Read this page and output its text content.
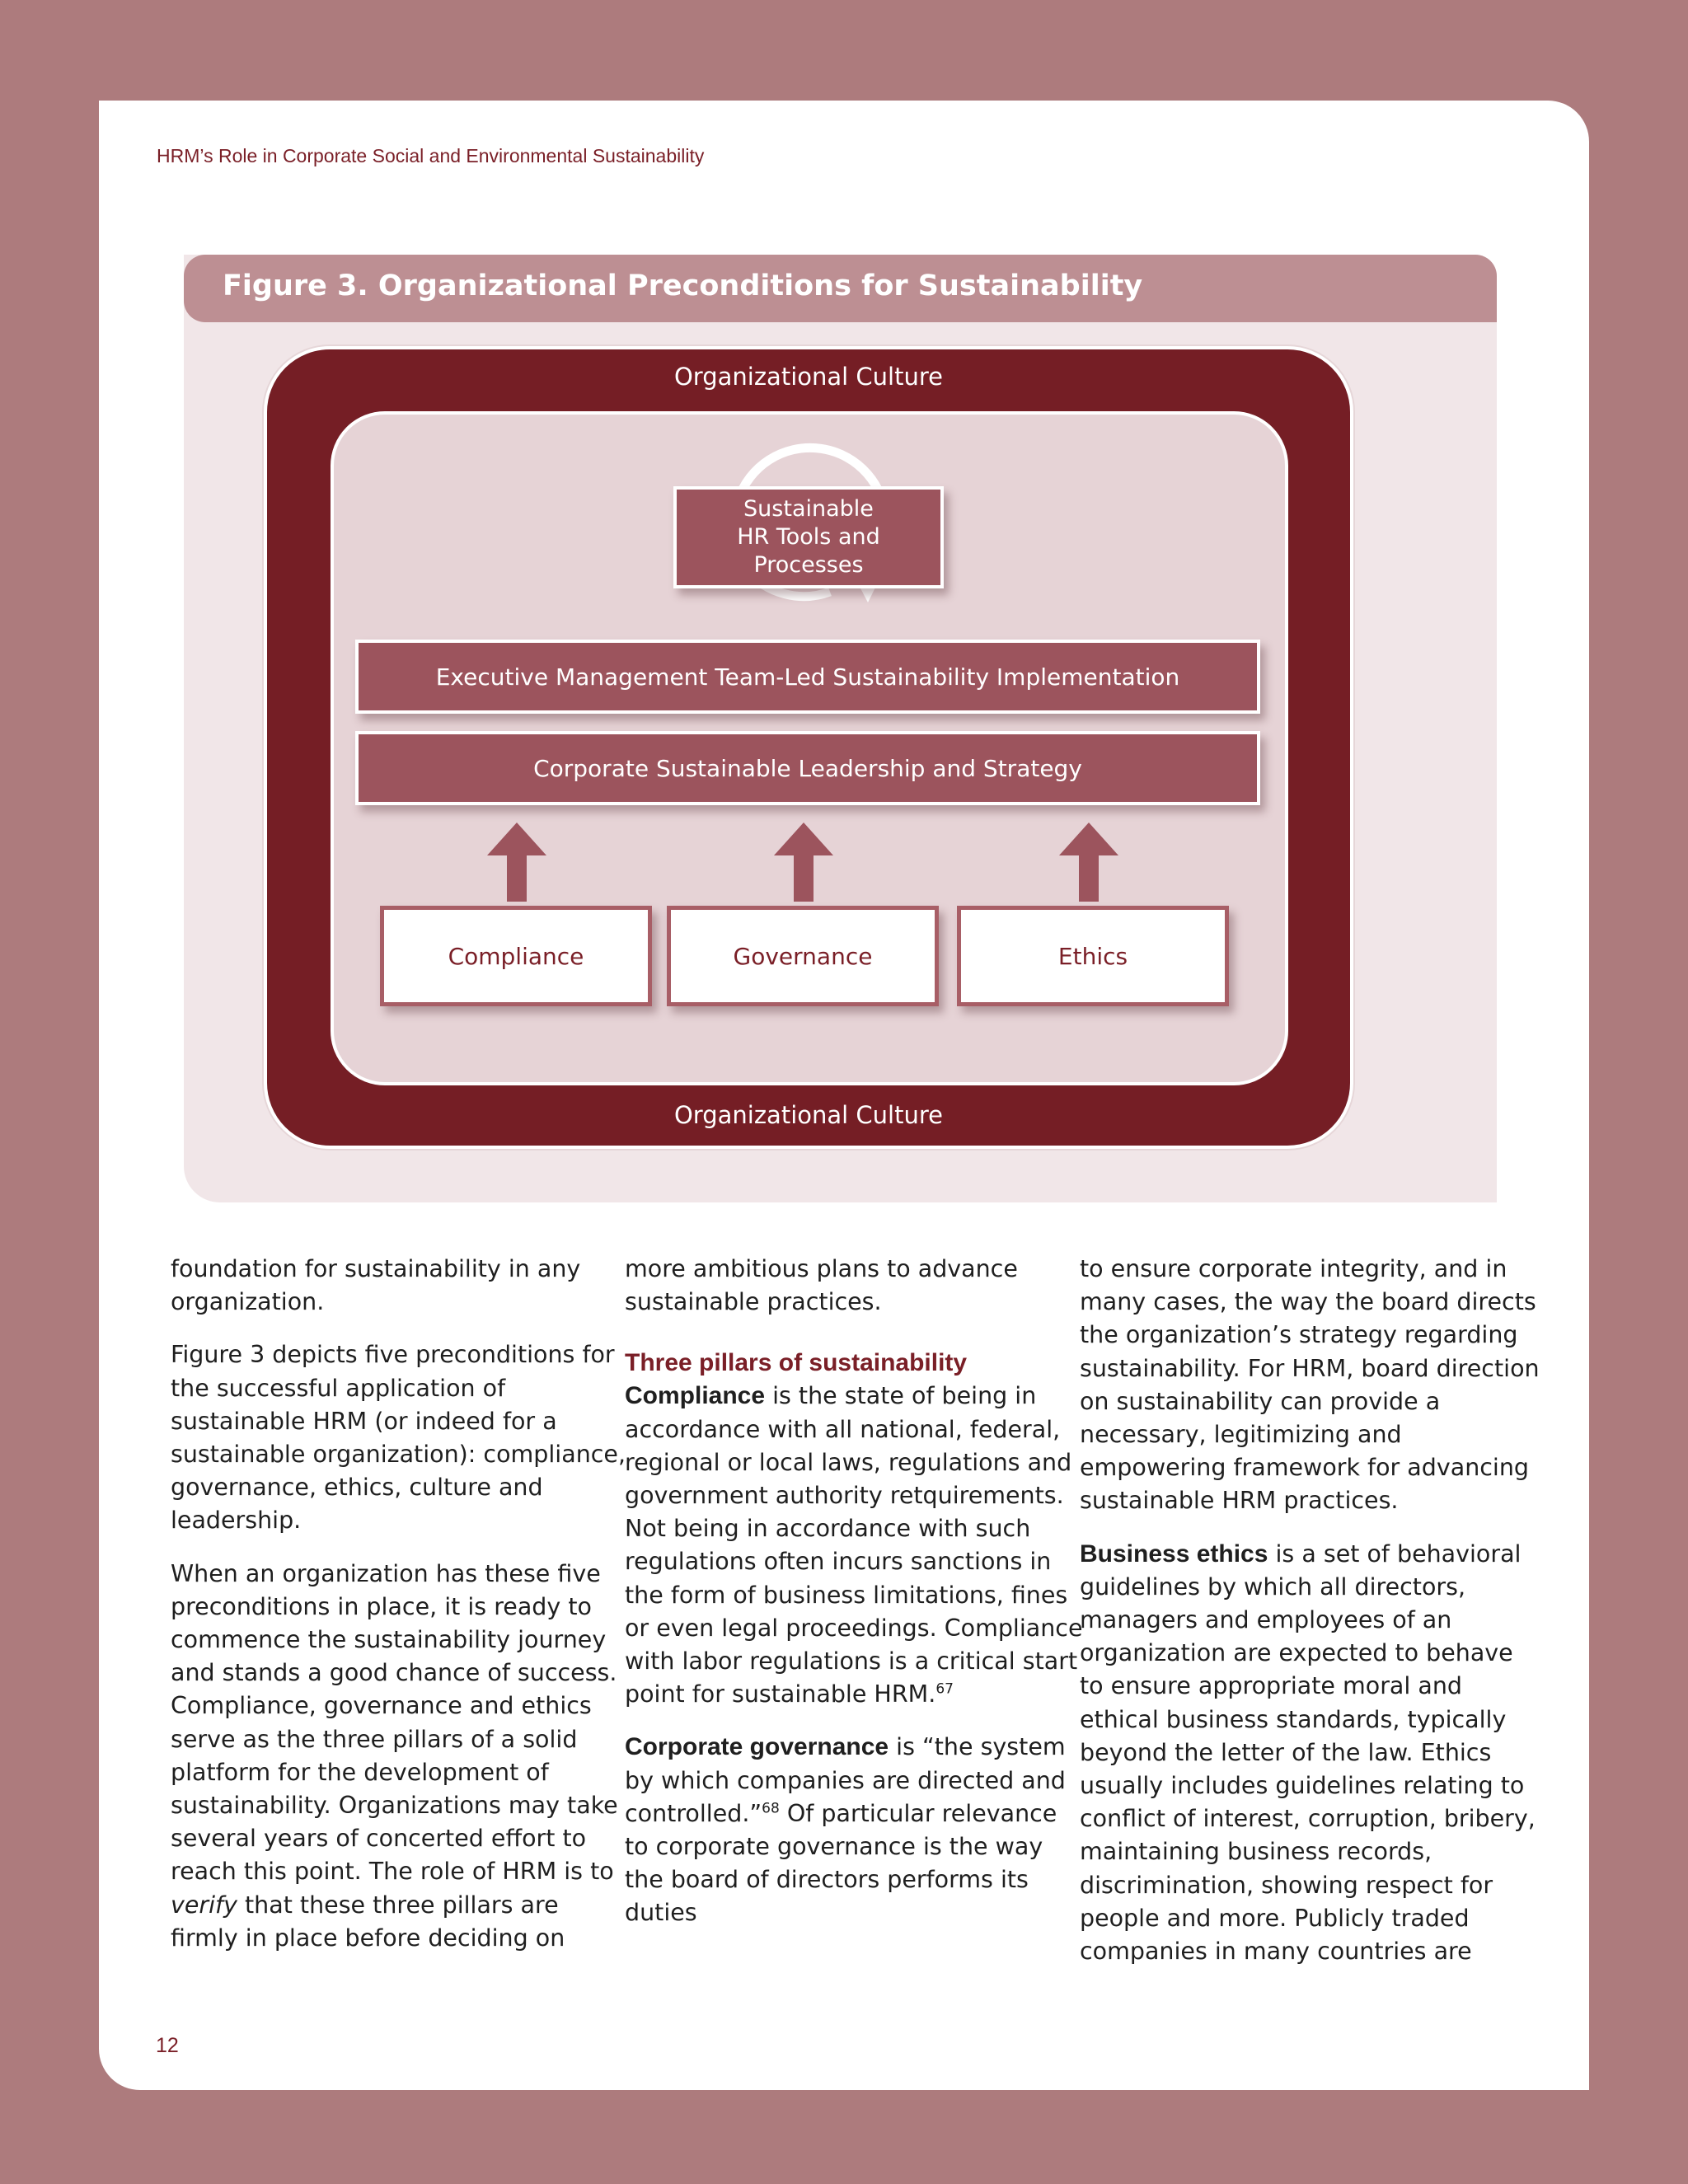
HRM’s Role in Corporate Social and Environmental Sustainability
Figure 3. Organizational Preconditions for Sustainability
Organizational Culture
Sustainable
HR Tools and
Processes
Executive Management Team-Led Sustainability Implementation
Corporate Sustainable Leadership and Strategy
Compliance	Governance	Ethics
Organizational Culture

foundation for sustainability in any organization.

Figure 3 depicts five preconditions for the successful application of sustainable HRM (or indeed for a sustainable organization): compliance, governance, ethics, culture and leadership.

When an organization has these five preconditions in place, it is ready to commence the sustainability journey and stands a good chance of success. Compliance, governance and ethics serve as the three pillars of a solid platform for the development of sustainability. Organizations may take several years of concerted effort to reach this point. The role of HRM is to verify that these three pillars are firmly in place before deciding on

more ambitious plans to advance sustainable practices.

Three pillars of sustainability

Compliance is the state of being in accordance with all national, federal, regional or local laws, regulations and government authority retquirements. Not being in accordance with such regulations often incurs sanctions in the form of business limitations, fines or even legal proceedings. Compliance with labor regulations is a critical start point for sustainable HRM.$^{67}$

Corporate governance is “the system by which companies are directed and controlled.”$^{68}$ Of particular relevance to corporate governance is the way the board of directors performs its duties

to ensure corporate integrity, and in many cases, the way the board directs the organization’s strategy regarding sustainability. For HRM, board direction on sustainability can provide a necessary, legitimizing and empowering framework for advancing sustainable HRM practices.

Business ethics is a set of behavioral guidelines by which all directors, managers and employees of an organization are expected to behave to ensure appropriate moral and ethical business standards, typically beyond the letter of the law. Ethics usually includes guidelines relating to conflict of interest, corruption, bribery, maintaining business records, discrimination, showing respect for people and more. Publicly traded companies in many countries are

12
